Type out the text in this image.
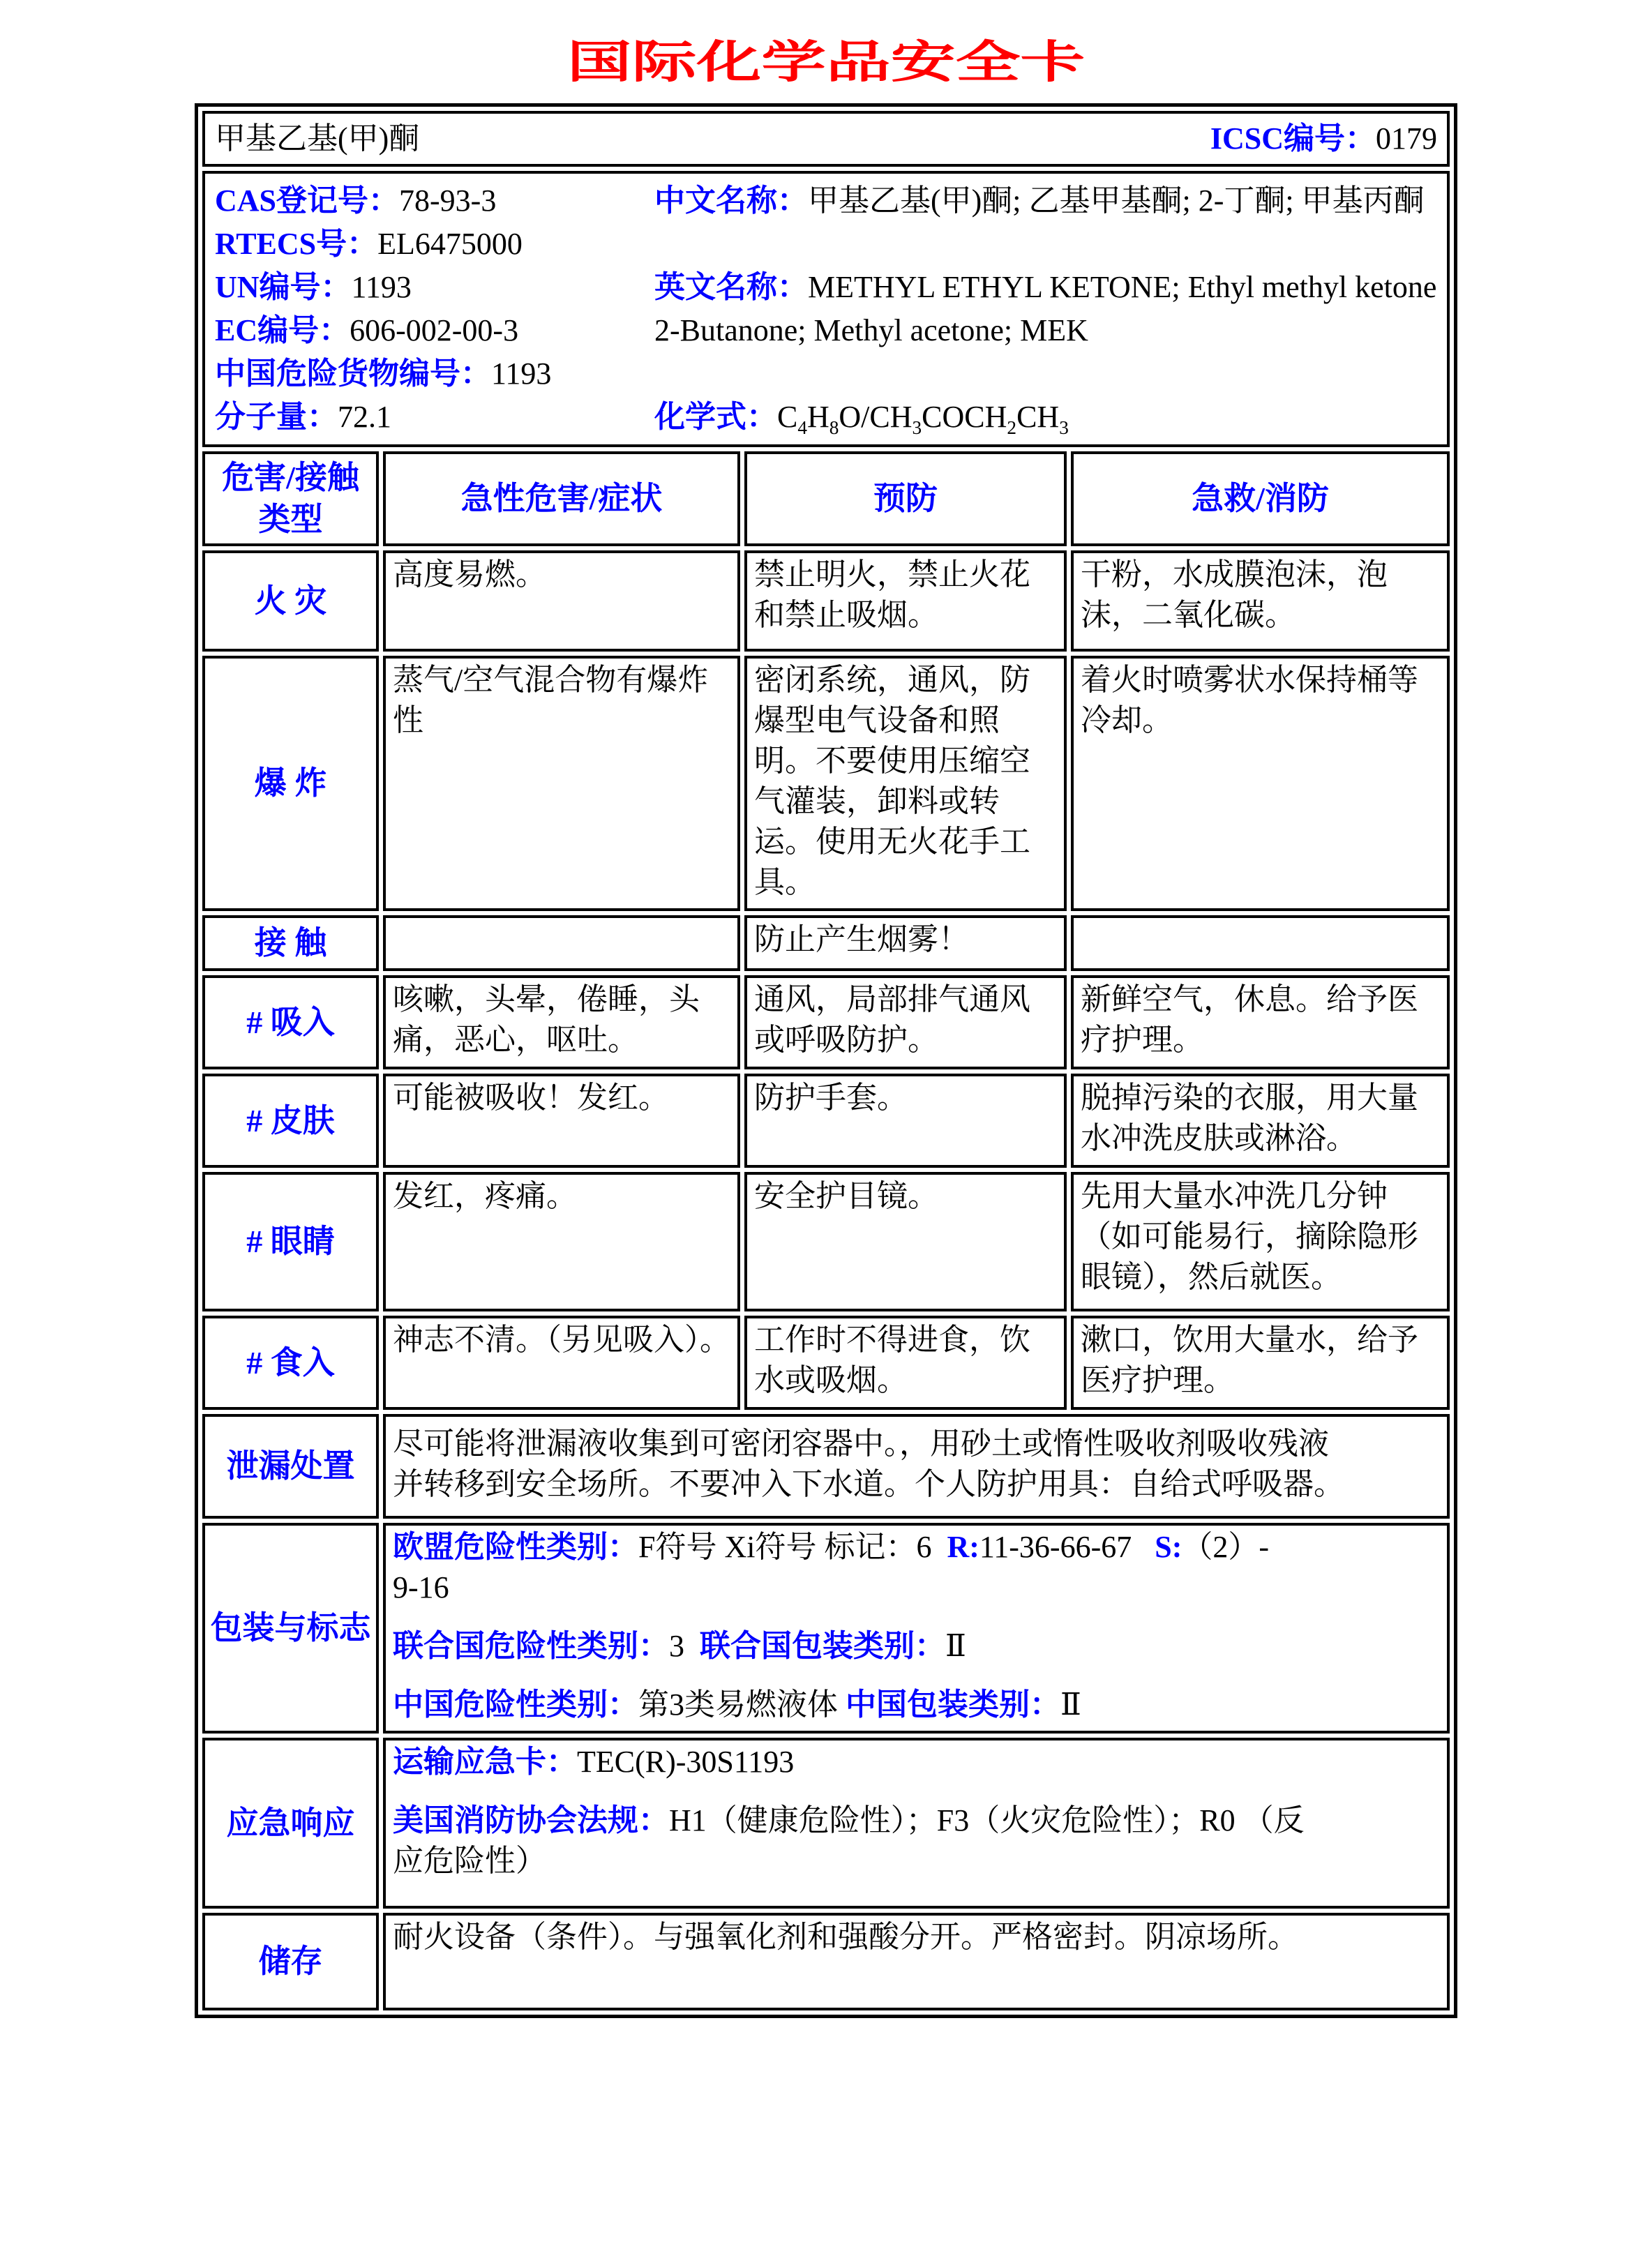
国际化学品安全卡
甲基乙基(甲)酮 ICSC编号：0179			

CAS登记号：78-93-3
RTECS号：EL6475000
UN编号：1193
EC编号：606-002-00-3
中国危险货物编号：1193
分子量：72.1
中文名称：甲基乙基(甲)酮; 乙基甲基酮; 2-丁酮; 甲基丙酮
英文名称：METHYL ETHYL KETONE; Ethyl methyl ketone 2-Butanone; Methyl acetone; MEK
化学式：$C_4H_8O/CH_3COCH_2CH_3$

危害/接触类型	急性危害/症状	预防	急救/消防
火 灾	高度易燃。	禁止明火，禁止火花和禁止吸烟。	干粉，水成膜泡沫，泡沫，二氧化碳。
爆 炸	蒸气/空气混合物有爆炸性	密闭系统，通风，防爆型电气设备和照明。不要使用压缩空气灌装，卸料或转运。使用无火花手工具。	着火时喷雾状水保持桶等冷却。
接 触		防止产生烟雾！	
# 吸入	咳嗽，头晕，倦睡，头痛，恶心，呕吐。	通风，局部排气通风或呼吸防护。	新鲜空气，休息。给予医疗护理。
# 皮肤	可能被吸收！发红。	防护手套。	脱掉污染的衣服，用大量水冲洗皮肤或淋浴。
# 眼睛	发红，疼痛。	安全护目镜。	先用大量水冲洗几分钟（如可能易行，摘除隐形眼镜），然后就医。
# 食入	神志不清。（另见吸入）。	工作时不得进食，饮水或吸烟。	漱口，饮用大量水，给予医疗护理。
泄漏处置	尽可能将泄漏液收集到可密闭容器中。，用砂土或惰性吸收剂吸收残液
并转移到安全场所。不要冲入下水道。个人防护用具：自给式呼吸器。		
包装与标志	欧盟危险性类别：F符号 Xi符号 标记：6  R:11-36-66-67   S:（2）-
9-16
联合国危险性类别：3  联合国包装类别：Ⅱ
中国危险性类别：第3类易燃液体 中国包装类别：Ⅱ		

应急响应	运输应急卡：TEC(R)-30S1193
美国消防协会法规：H1（健康危险性）；F3（火灾危险性）；R0 （反
应危险性）		

储存	耐火设备（条件）。与强氧化剂和强酸分开。严格密封。阴凉场所。		
